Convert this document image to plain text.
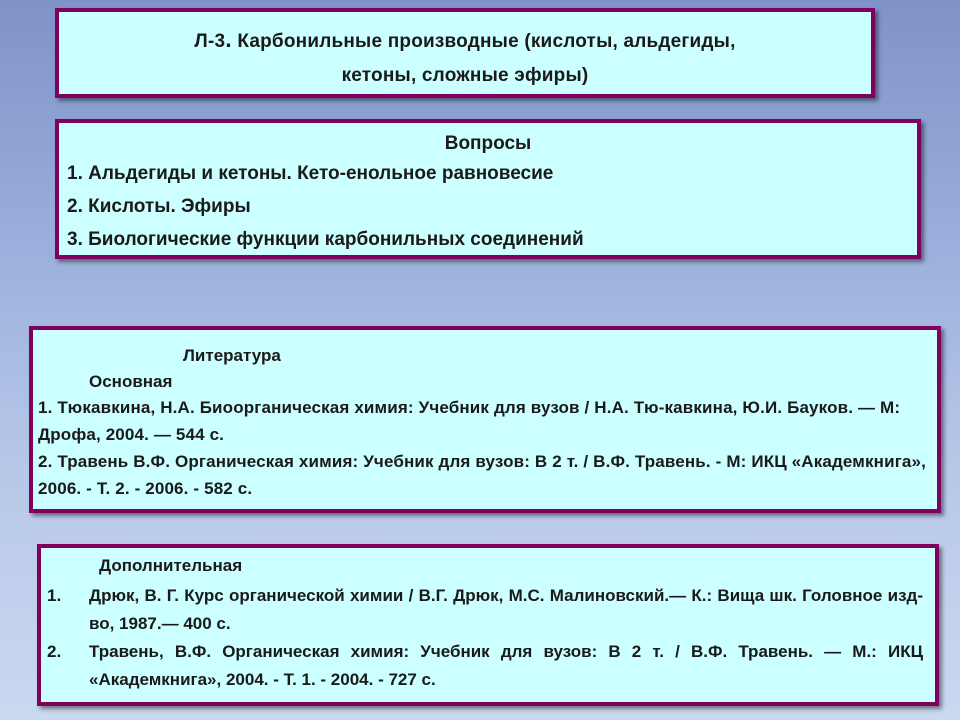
Л-3. Карбонильные производные (кислоты, альдегиды,
кетоны, сложные эфиры)
Вопросы
1. Альдегиды и кетоны. Кето-енольное равновесие
2. Кислоты. Эфиры
3. Биологические функции карбонильных соединений
Литература
Основная
1. Тюкавкина, Н.А. Биоорганическая химия: Учебник для вузов / Н.А. Тю-кавкина, Ю.И. Бауков. — М: Дрофа, 2004. — 544 с.
2. Травень В.Ф. Органическая химия: Учебник для вузов: В 2 т. / В.Ф. Травень. - М: ИКЦ «Академкнига», 2006. - Т. 2. - 2006. - 582 с.
Дополнительная
1.	Дрюк, В. Г. Курс органической химии / В.Г. Дрюк, М.С. Малиновский.— К.: Вища шк. Головное изд-во, 1987.— 400 с.
2.	Травень, В.Ф. Органическая химия: Учебник для вузов: В 2 т. / В.Ф. Травень. — М.: ИКЦ «Академкнига», 2004. - Т. 1. - 2004. - 727 с.
